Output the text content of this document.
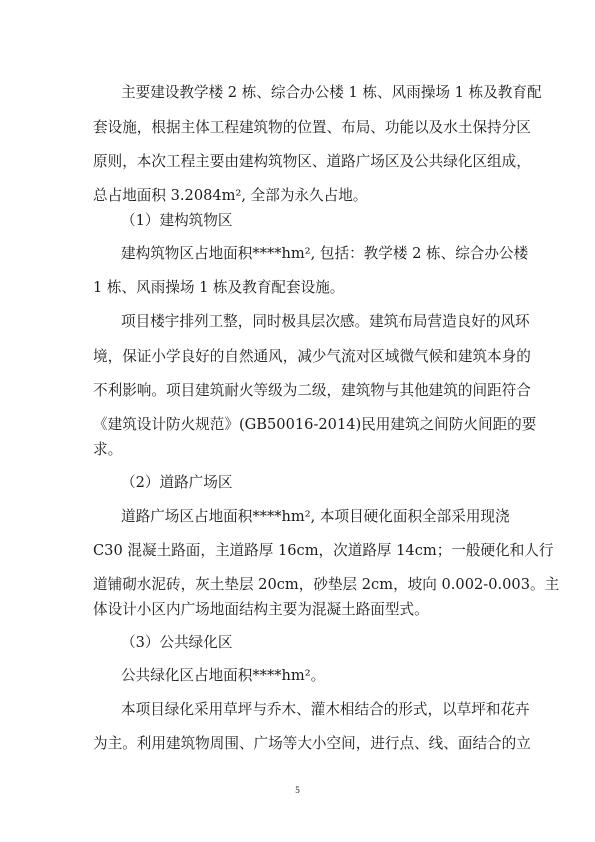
主要建设教学楼 2 栋、综合办公楼 1 栋、风雨操场 1 栋及教育配
套设施，根据主体工程建筑物的位置、布局、功能以及水土保持分区
原则，本次工程主要由建构筑物区、道路广场区及公共绿化区组成，
总占地面积 3.2084m², 全部为永久占地。
（1）建构筑物区
建构筑物区占地面积****hm², 包括：教学楼 2 栋、综合办公楼
1 栋、风雨操场 1 栋及教育配套设施。
项目楼宇排列工整，同时极具层次感。建筑布局营造良好的风环
境，保证小学良好的自然通风，减少气流对区域微气候和建筑本身的
不利影响。项目建筑耐火等级为二级，建筑物与其他建筑的间距符合
《建筑设计防火规范》(GB50016-2014)民用建筑之间防火间距的要
求。
（2）道路广场区
道路广场区占地面积****hm², 本项目硬化面积全部采用现浇
C30 混凝土路面，主道路厚 16cm，次道路厚 14cm；一般硬化和人行
道铺砌水泥砖，灰土垫层 20cm，砂垫层 2cm，坡向 0.002-0.003。主
体设计小区内广场地面结构主要为混凝土路面型式。
（3）公共绿化区
公共绿化区占地面积****hm²。
本项目绿化采用草坪与乔木、灌木相结合的形式，以草坪和花卉
为主。利用建筑物周围、广场等大小空间，进行点、线、面结合的立
5
